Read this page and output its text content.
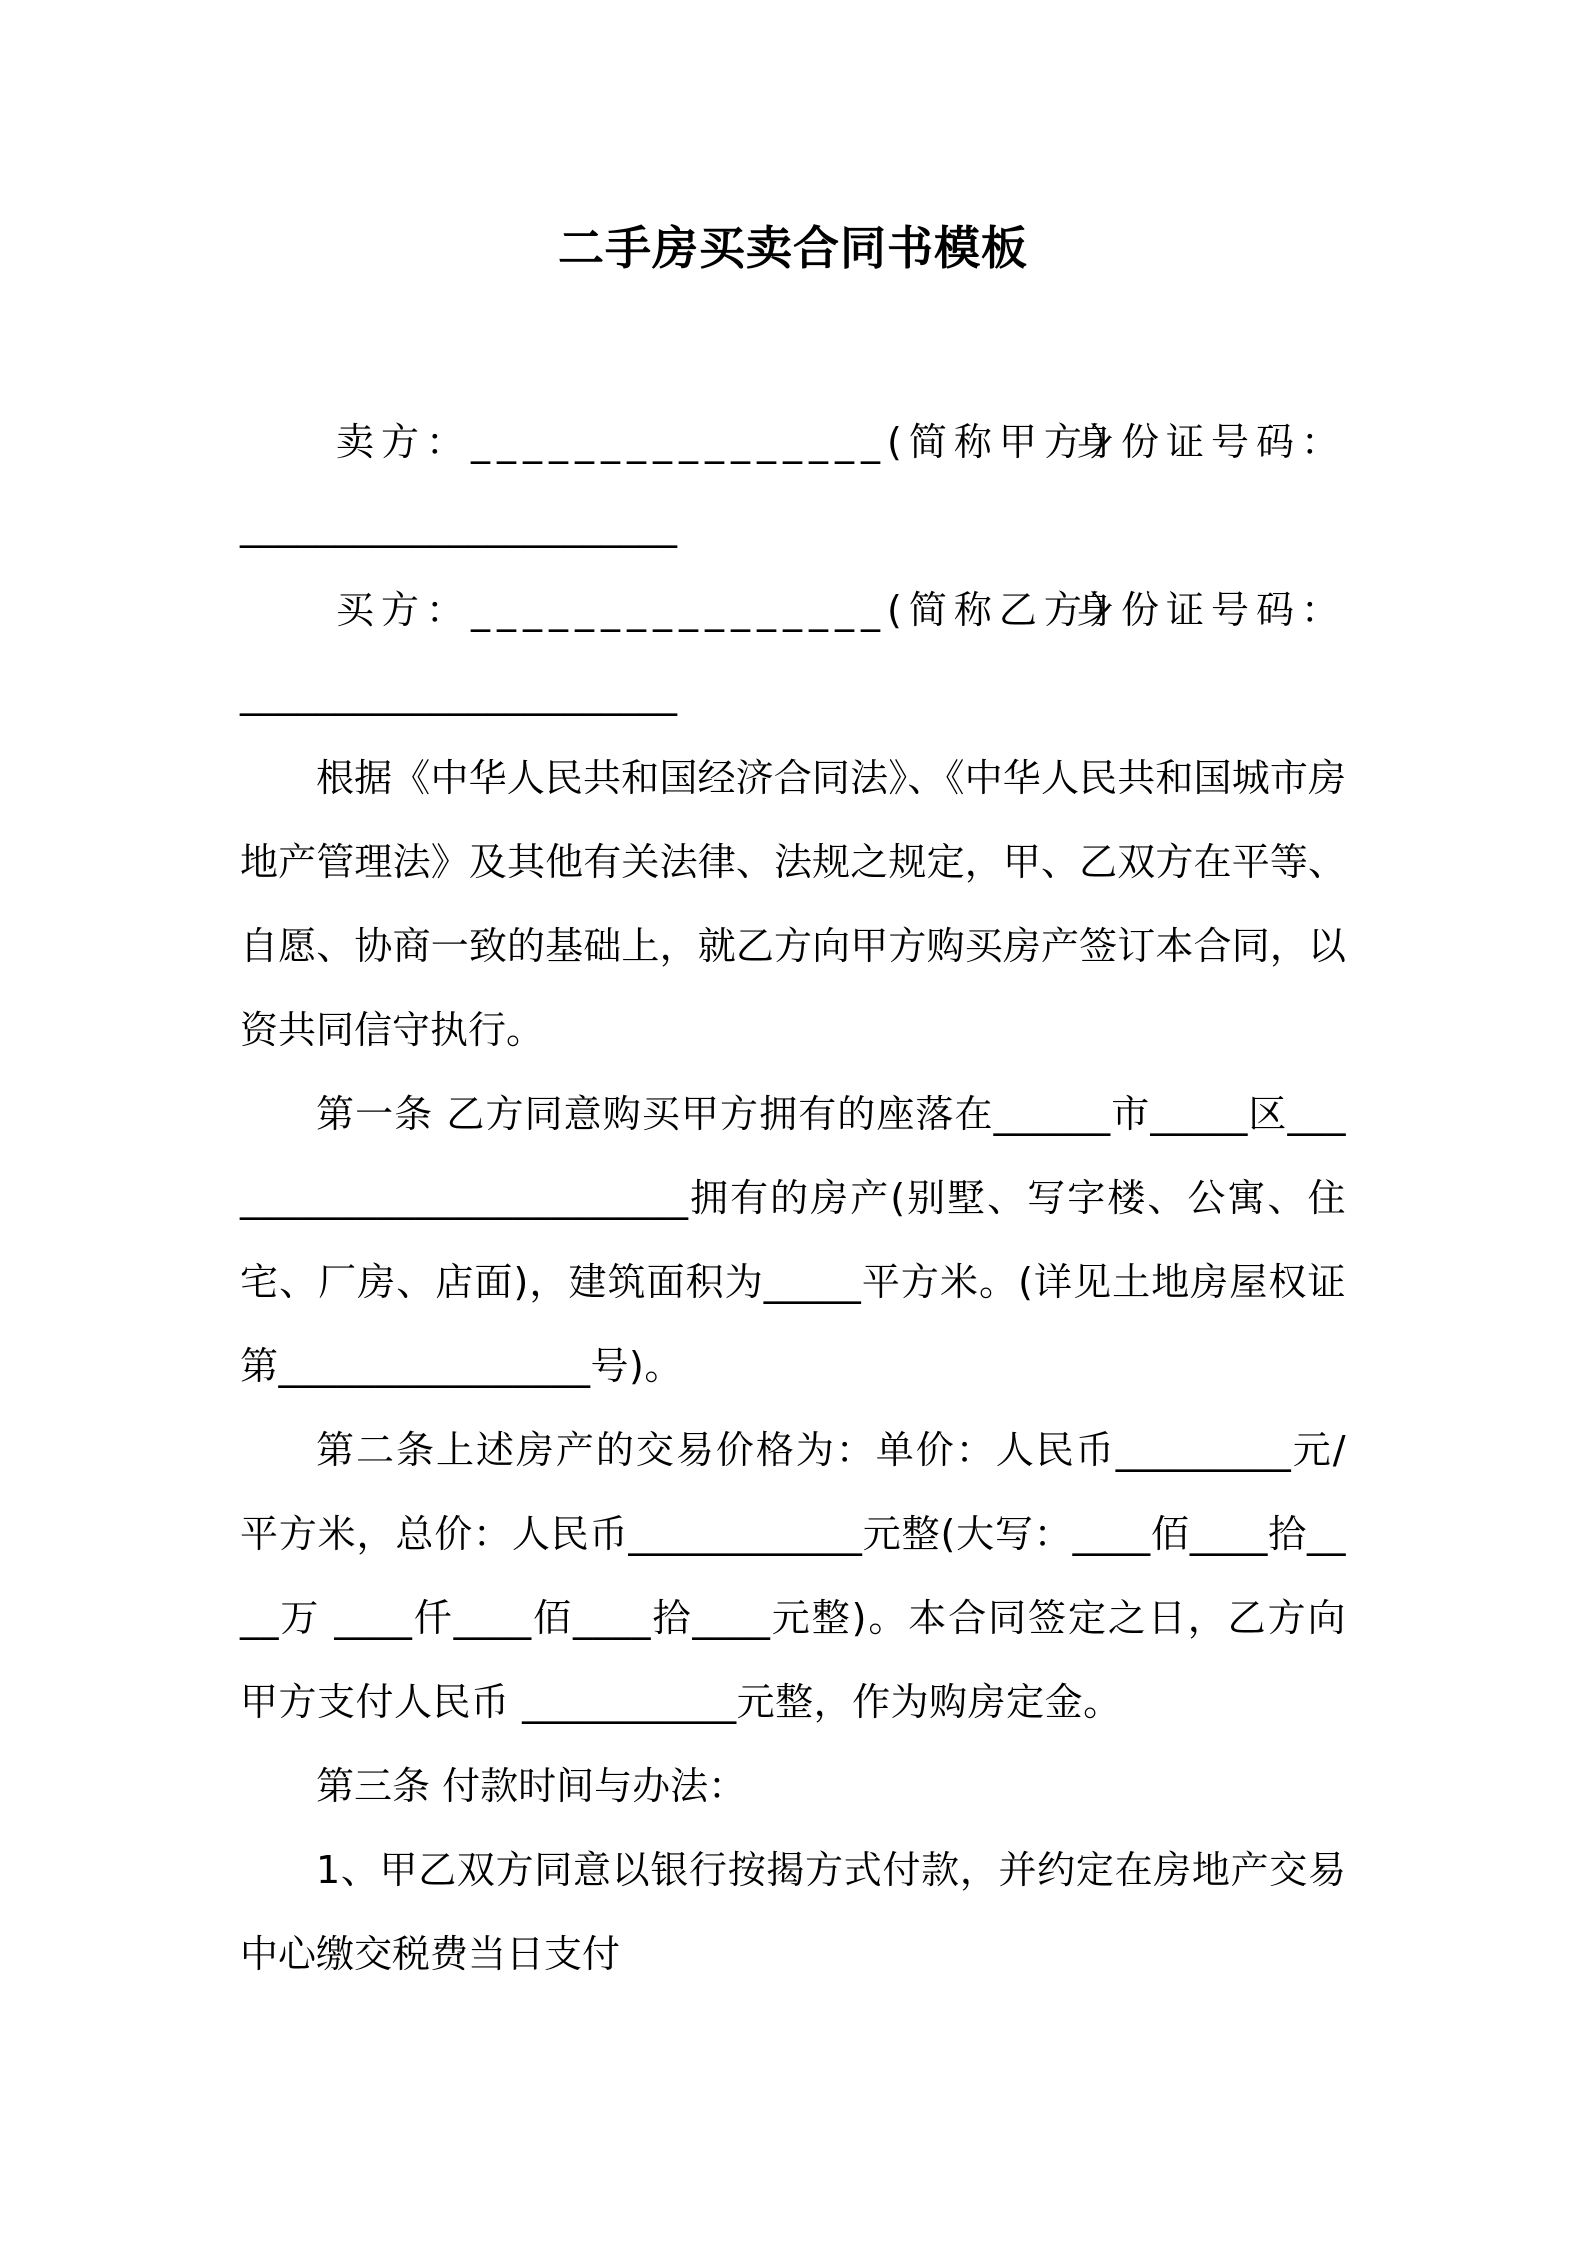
二手房买卖合同书模板
卖方：________________(简称甲方）
身份证号码：
_______________________
买方：________________(简称乙方）
身份证号码：
_______________________

根据《中华人民共和国经济合同法》、《中华人民共和国城市房地产管理法》及其他有关法律、法规之规定，甲、乙双方在平等、自愿、协商一致的基础上，就乙方向甲方购买房产签订本合同，以资共同信守执行。

第一条 乙方同意购买甲方拥有的座落在______市_____区__________________________拥有的房产(别墅、写字楼、公寓、住宅、厂房、店面)，建筑面积为_____平方米。(详见土地房屋权证第________________号)。

第二条上述房产的交易价格为：单价：人民币_________元/平方米，总价：人民币____________元整(大写：____佰____拾____万 ____仟____佰____拾____元整)。本合同签定之日，乙方向甲方支付人民币 ___________元整，作为购房定金。

第三条 付款时间与办法：

1、甲乙双方同意以银行按揭方式付款，并约定在房地产交易中心缴交税费当日支付
